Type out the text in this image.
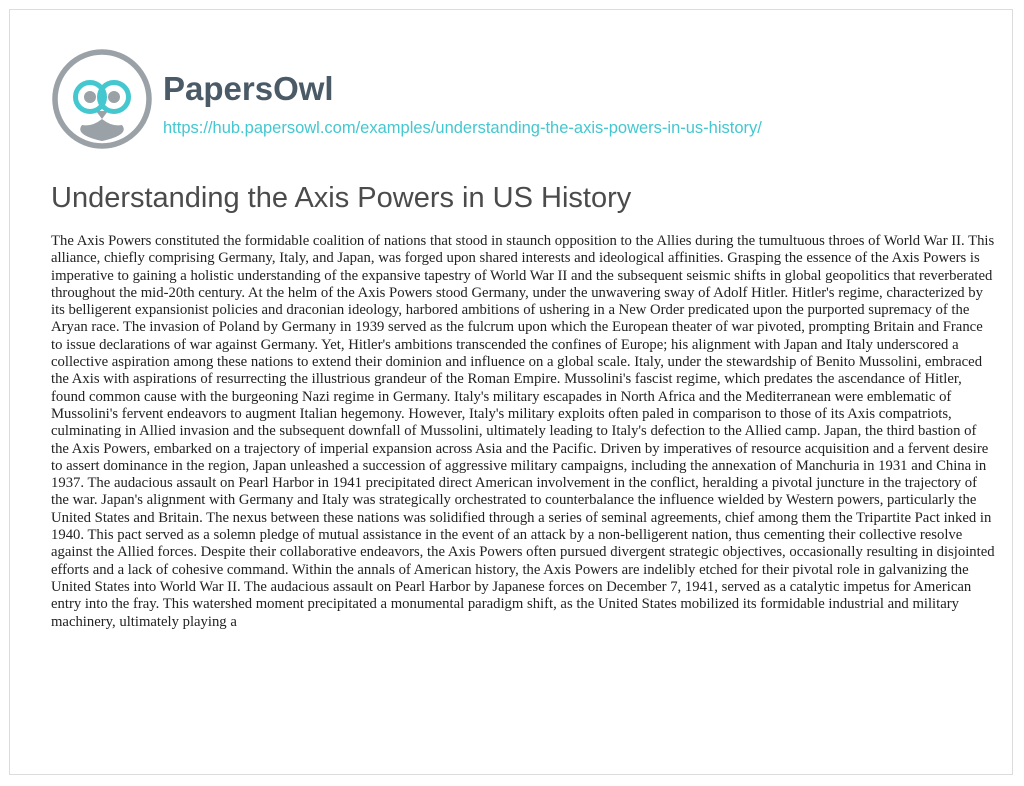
PapersOwl
https://hub.papersowl.com/examples/understanding-the-axis-powers-in-us-history/
Understanding the Axis Powers in US History

The Axis Powers constituted the formidable coalition of nations that stood in staunch opposition to the Allies during the tumultuous throes of World War II. This alliance, chiefly comprising Germany, Italy, and Japan, was forged upon shared interests and ideological affinities. Grasping the essence of the Axis Powers is imperative to gaining a holistic understanding of the expansive tapestry of World War II and the subsequent seismic shifts in global geopolitics that reverberated throughout the mid-20th century. At the helm of the Axis Powers stood Germany, under the unwavering sway of Adolf Hitler. Hitler's regime, characterized by its belligerent expansionist policies and draconian ideology, harbored ambitions of ushering in a New Order predicated upon the purported supremacy of the Aryan race. The invasion of Poland by Germany in 1939 served as the fulcrum upon which the European theater of war pivoted, prompting Britain and France to issue declarations of war against Germany. Yet, Hitler's ambitions transcended the confines of Europe; his alignment with Japan and Italy underscored a collective aspiration among these nations to extend their dominion and influence on a global scale. Italy, under the stewardship of Benito Mussolini, embraced the Axis with aspirations of resurrecting the illustrious grandeur of the Roman Empire. Mussolini's fascist regime, which predates the ascendance of Hitler, found common cause with the burgeoning Nazi regime in Germany. Italy's military escapades in North Africa and the Mediterranean were emblematic of Mussolini's fervent endeavors to augment Italian hegemony. However, Italy's military exploits often paled in comparison to those of its Axis compatriots, culminating in Allied invasion and the subsequent downfall of Mussolini, ultimately leading to Italy's defection to the Allied camp. Japan, the third bastion of the Axis Powers, embarked on a trajectory of imperial expansion across Asia and the Pacific. Driven by imperatives of resource acquisition and a fervent desire to assert dominance in the region, Japan unleashed a succession of aggressive military campaigns, including the annexation of Manchuria in 1931 and China in 1937. The audacious assault on Pearl Harbor in 1941 precipitated direct American involvement in the conflict, heralding a pivotal juncture in the trajectory of the war. Japan's alignment with Germany and Italy was strategically orchestrated to counterbalance the influence wielded by Western powers, particularly the United States and Britain. The nexus between these nations was solidified through a series of seminal agreements, chief among them the Tripartite Pact inked in 1940. This pact served as a solemn pledge of mutual assistance in the event of an attack by a non-belligerent nation, thus cementing their collective resolve against the Allied forces. Despite their collaborative endeavors, the Axis Powers often pursued divergent strategic objectives, occasionally resulting in disjointed efforts and a lack of cohesive command. Within the annals of American history, the Axis Powers are indelibly etched for their pivotal role in galvanizing the United States into World War II. The audacious assault on Pearl Harbor by Japanese forces on December 7, 1941, served as a catalytic impetus for American entry into the fray. This watershed moment precipitated a monumental paradigm shift, as the United States mobilized its formidable industrial and military machinery, ultimately playing a
